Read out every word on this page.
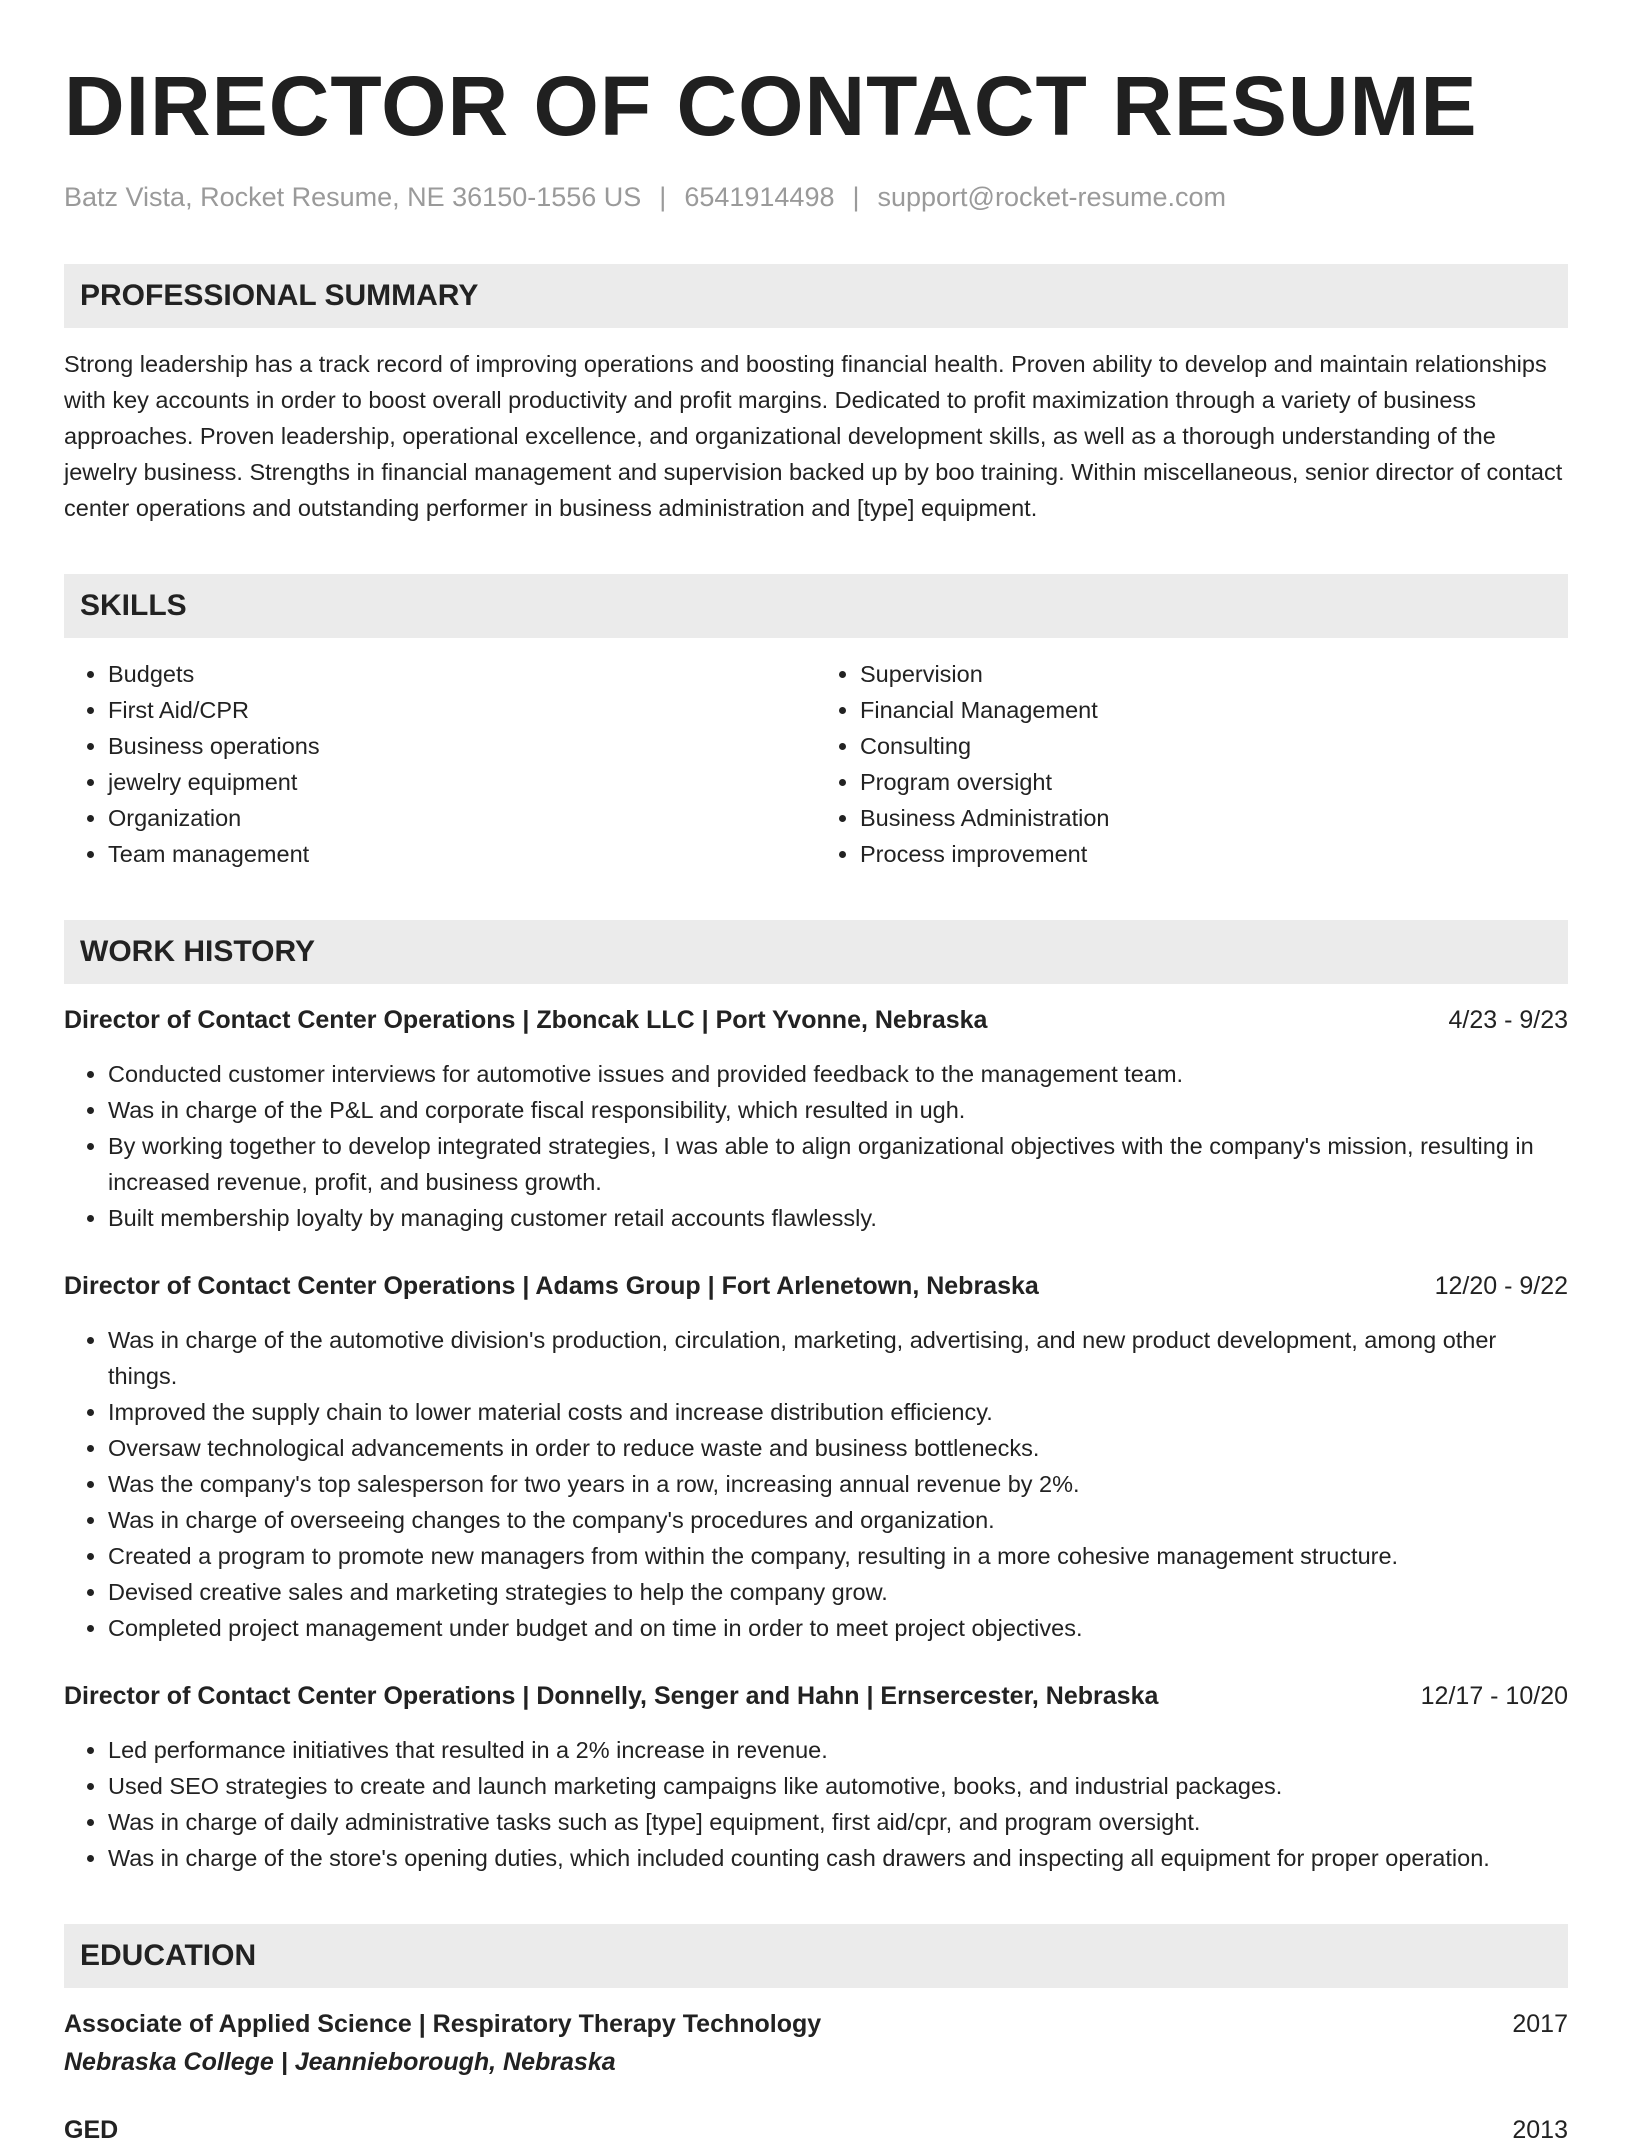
DIRECTOR OF CONTACT RESUME
Batz Vista, Rocket Resume, NE 36150-1556 US | 6541914498 | support@rocket-resume.com
PROFESSIONAL SUMMARY
Strong leadership has a track record of improving operations and boosting financial health. Proven ability to develop and maintain relationships with key accounts in order to boost overall productivity and profit margins. Dedicated to profit maximization through a variety of business approaches. Proven leadership, operational excellence, and organizational development skills, as well as a thorough understanding of the jewelry business. Strengths in financial management and supervision backed up by boo training. Within miscellaneous, senior director of contact center operations and outstanding performer in business administration and [type] equipment.
SKILLS
• Budgets
• First Aid/CPR
• Business operations
• jewelry equipment
• Organization
• Team management
• Supervision
• Financial Management
• Consulting
• Program oversight
• Business Administration
• Process improvement
WORK HISTORY
Director of Contact Center Operations | Zboncak LLC | Port Yvonne, Nebraska	4/23 - 9/23
• Conducted customer interviews for automotive issues and provided feedback to the management team.
• Was in charge of the P&L and corporate fiscal responsibility, which resulted in ugh.
• By working together to develop integrated strategies, I was able to align organizational objectives with the company's mission, resulting in increased revenue, profit, and business growth.
• Built membership loyalty by managing customer retail accounts flawlessly.
Director of Contact Center Operations | Adams Group | Fort Arlenetown, Nebraska	12/20 - 9/22
• Was in charge of the automotive division's production, circulation, marketing, advertising, and new product development, among other things.
• Improved the supply chain to lower material costs and increase distribution efficiency.
• Oversaw technological advancements in order to reduce waste and business bottlenecks.
• Was the company's top salesperson for two years in a row, increasing annual revenue by 2%.
• Was in charge of overseeing changes to the company's procedures and organization.
• Created a program to promote new managers from within the company, resulting in a more cohesive management structure.
• Devised creative sales and marketing strategies to help the company grow.
• Completed project management under budget and on time in order to meet project objectives.
Director of Contact Center Operations | Donnelly, Senger and Hahn | Ernsercester, Nebraska	12/17 - 10/20
• Led performance initiatives that resulted in a 2% increase in revenue.
• Used SEO strategies to create and launch marketing campaigns like automotive, books, and industrial packages.
• Was in charge of daily administrative tasks such as [type] equipment, first aid/cpr, and program oversight.
• Was in charge of the store's opening duties, which included counting cash drawers and inspecting all equipment for proper operation.
EDUCATION
Associate of Applied Science | Respiratory Therapy Technology	2017
Nebraska College | Jeannieborough, Nebraska
GED	2013
